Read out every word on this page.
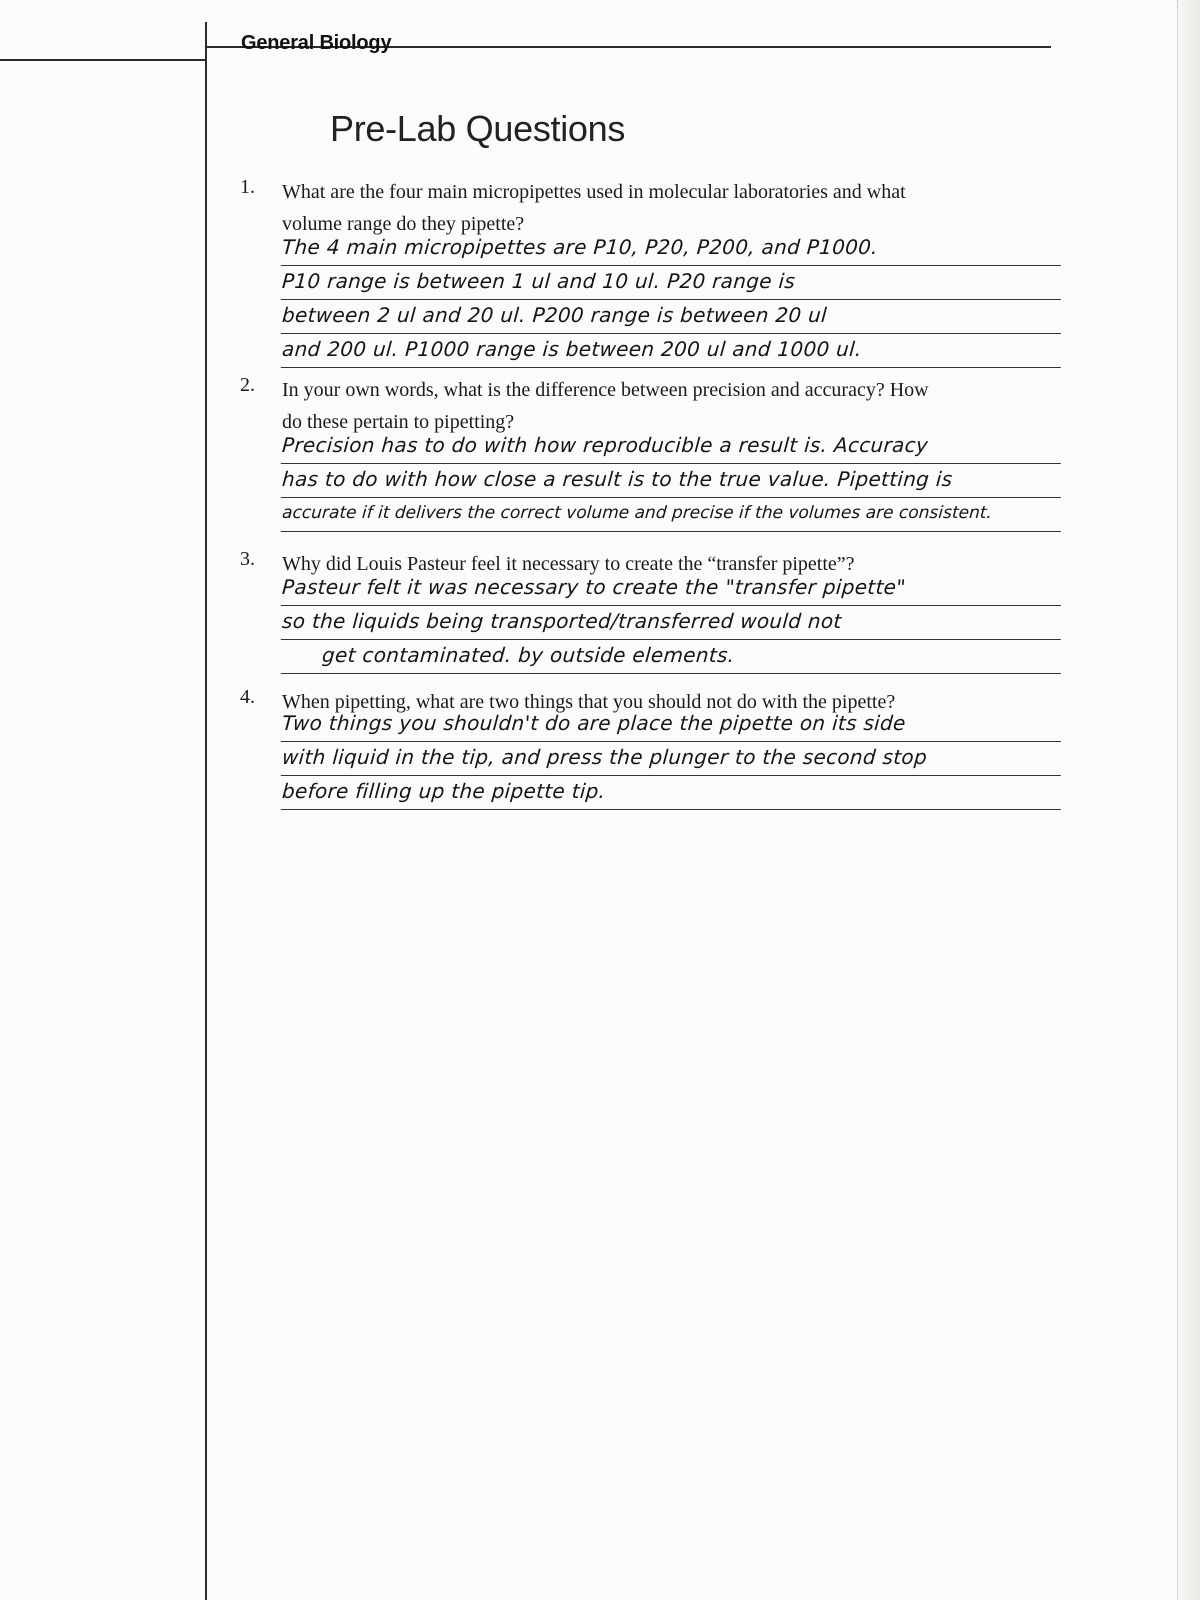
General Biology
Pre-Lab Questions
1. What are the four main micropipettes used in molecular laboratories and what
volume range do they pipette?
The 4 main micropipettes are P10, P20, P200, and P1000.
P10 range is between 1 ul and 10 ul. P20 range is
between 2 ul and 20 ul. P200 range is between 20 ul
and 200 ul. P1000 range is between 200 ul and 1000 ul.
2. In your own words, what is the difference between precision and accuracy? How
do these pertain to pipetting?
Precision has to do with how reproducible a result is. Accuracy
has to do with how close a result is to the true value. Pipetting is
accurate if it delivers the correct volume and precise if the volumes are consistent.
3. Why did Louis Pasteur feel it necessary to create the “transfer pipette”?
Pasteur felt it was necessary to create the "transfer pipette"
so the liquids being transported/transferred would not
get contaminated. by outside elements.
4. When pipetting, what are two things that you should not do with the pipette?
Two things you shouldn't do are place the pipette on its side
with liquid in the tip, and press the plunger to the second stop
before filling up the pipette tip.
